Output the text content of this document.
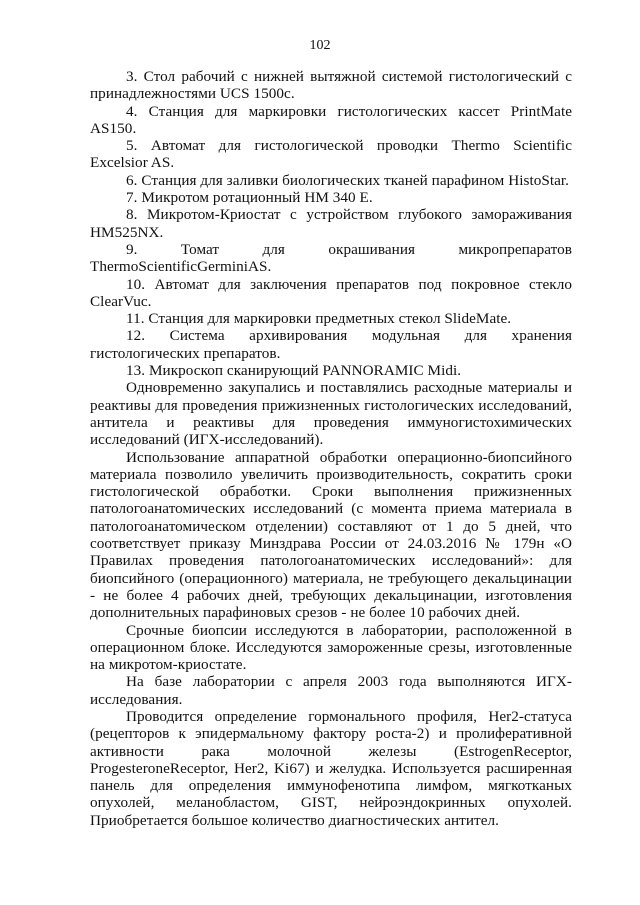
102

3. Стол рабочий с нижней вытяжной системой гистологический с принадлежностями UCS 1500с.

4. Станция для маркировки гистологических кассет PrintMate AS150.

5. Автомат для гистологической проводки Thermo Scientific Excelsior AS.

6. Станция для заливки биологических тканей парафином HistoStar.

7. Микротом ротационный HM 340 E.

8. Микротом-Криостат с устройством глубокого замораживания HM525NX.

9. Томат для окрашивания микропрепаратов ThermoScientificGerminiAS.

10. Автомат для заключения препаратов под покровное стекло ClearVuc.

11. Станция для маркировки предметных стекол SlideMate.

12. Система архивирования модульная для хранения гистологических препаратов.

13. Микроскоп сканирующий PANNORAMIC Midi.

Одновременно закупались и поставлялись расходные материалы и реактивы для проведения прижизненных гистологических исследований, антитела и реактивы для проведения иммуногистохимических исследований (ИГХ-исследований).

Использование аппаратной обработки операционно-биопсийного материала позволило увеличить производительность, сократить сроки гистологической обработки. Сроки выполнения прижизненных патологоанатомических исследований (с момента приема материала в патологоанатомическом отделении) составляют от 1 до 5 дней, что соответствует приказу Минздрава России от 24.03.2016 № 179н «О Правилах проведения патологоанатомических исследований»: для биопсийного (операционного) материала, не требующего декальцинации - не более 4 рабочих дней, требующих декальцинации, изготовления дополнительных парафиновых срезов - не более 10 рабочих дней.

Срочные биопсии исследуются в лаборатории, расположенной в операционном блоке. Исследуются замороженные срезы, изготовленные на микротом-криостате.

На базе лаборатории с апреля 2003 года выполняются ИГХ-исследования.

Проводится определение гормонального профиля, Her2-статуса (рецепторов к эпидермальному фактору роста-2) и пролиферативной активности рака молочной железы (EstrogenReceptor, ProgesteroneReceptor, Her2, Ki67) и желудка. Используется расширенная панель для определения иммунофенотипа лимфом, мягкотканых опухолей, меланобластом, GIST, нейроэндокринных опухолей. Приобретается большое количество диагностических антител.
